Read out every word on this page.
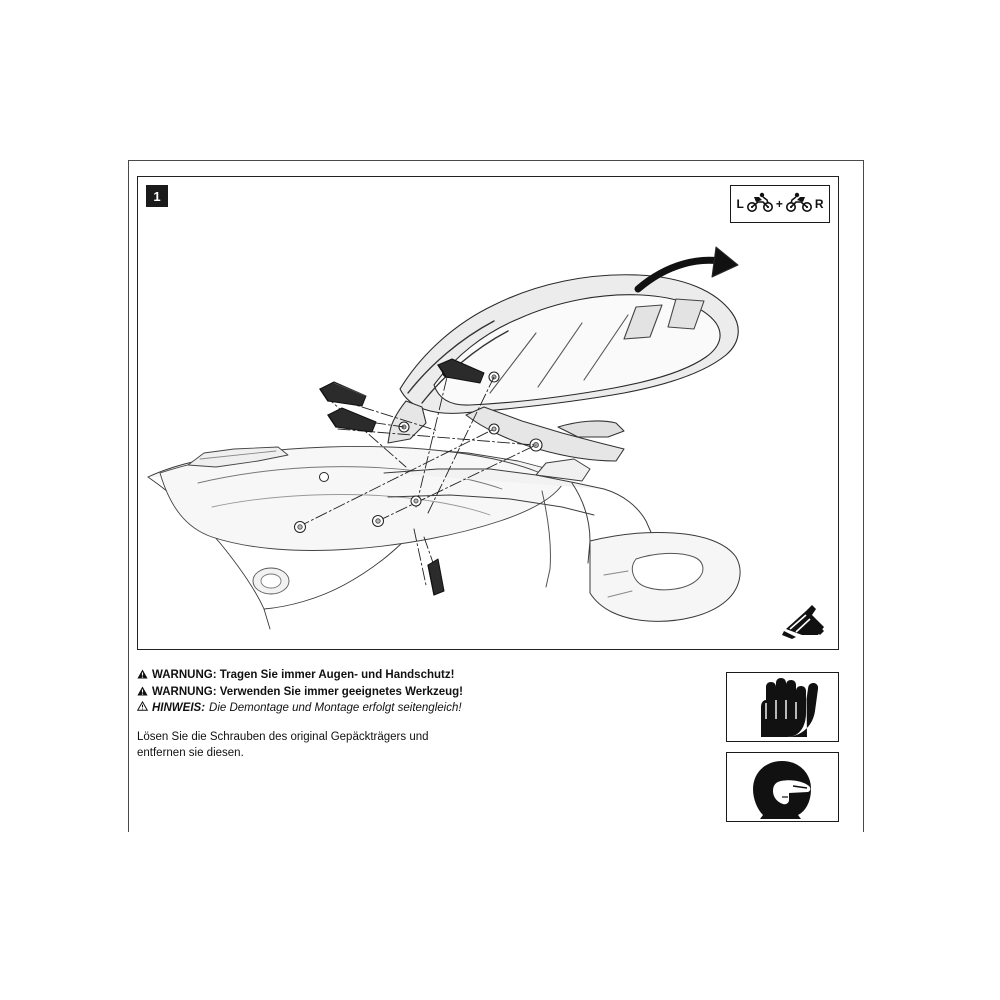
1
L	+	R
WARNUNG: Tragen Sie immer Augen- und Handschutz!
WARNUNG: Verwenden Sie immer geeignetes Werkzeug!
HINWEIS: Die Demontage und Montage erfolgt seitengleich!
Lösen Sie die Schrauben des original Gepäckträgers und entfernen sie diesen.
